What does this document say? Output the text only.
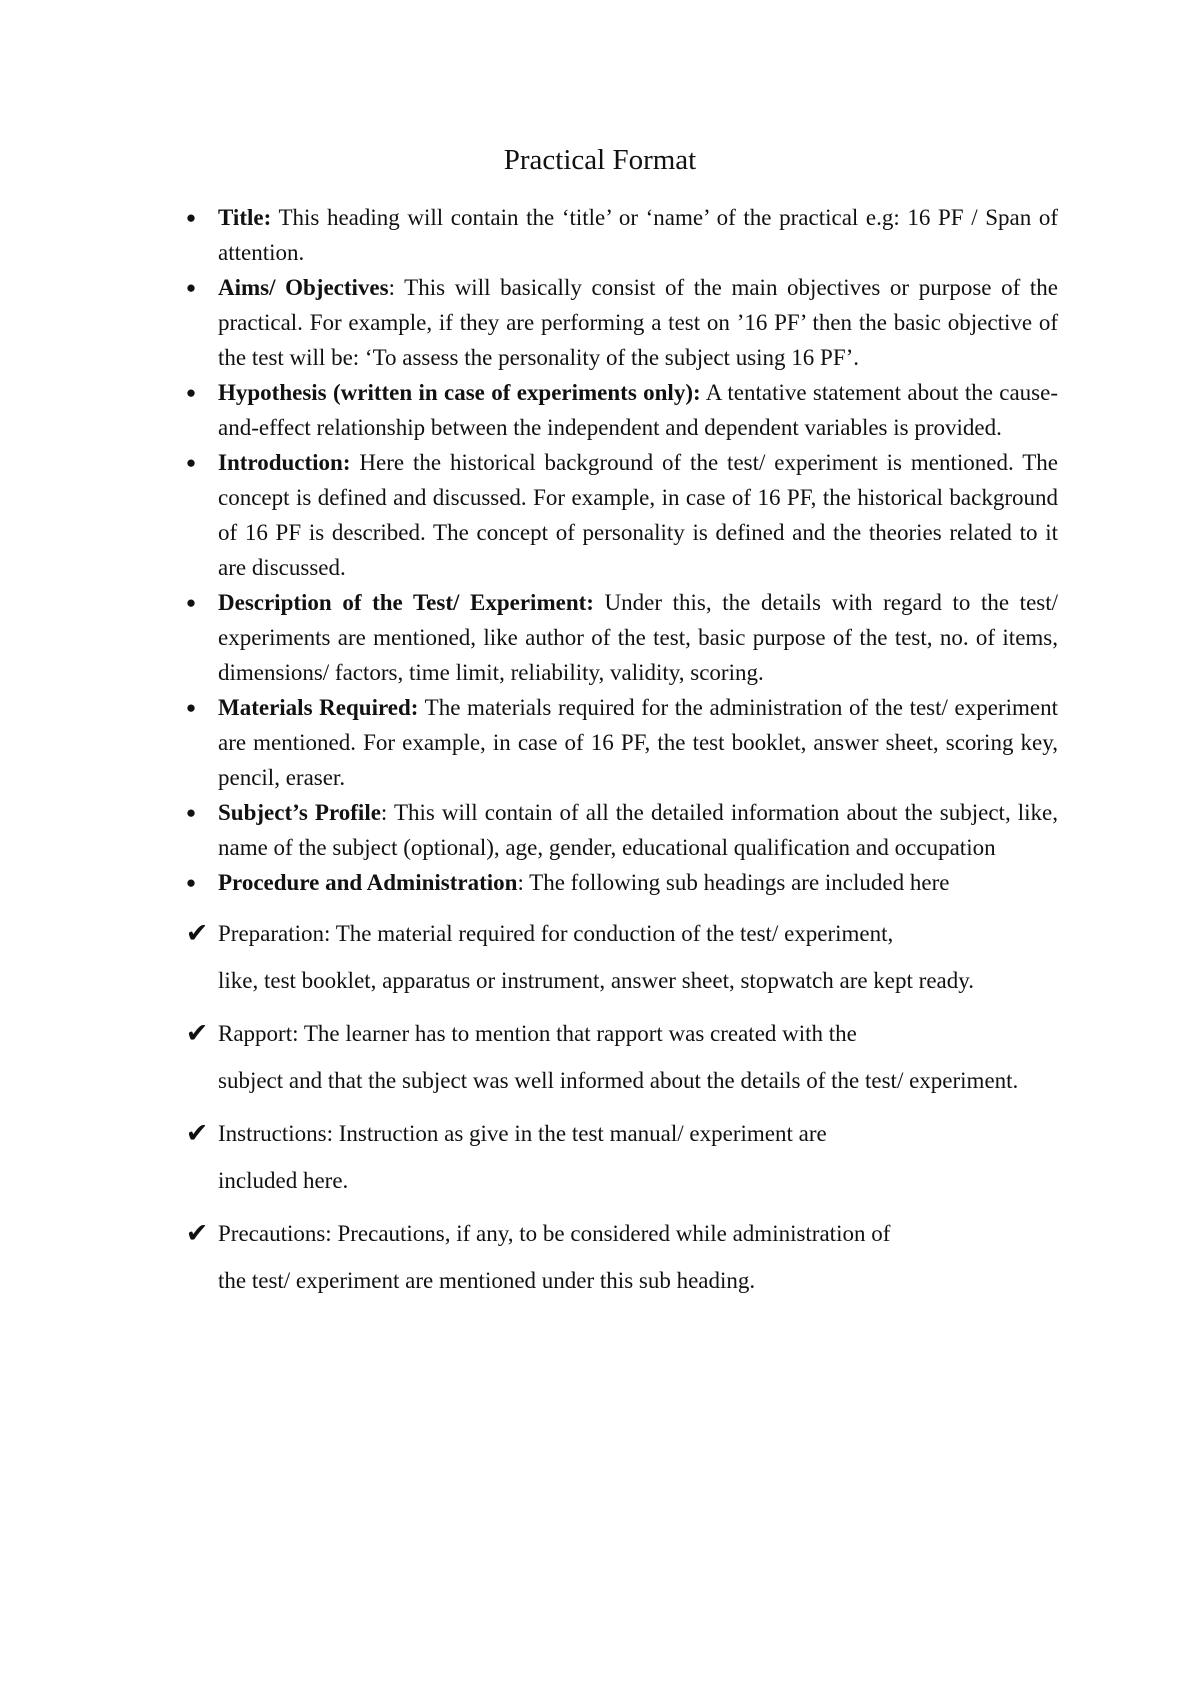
Practical Format
● Title: This heading will contain the ‘title’ or ‘name’ of the practical e.g: 16 PF / Span of attention.
● Aims/ Objectives: This will basically consist of the main objectives or purpose of the practical. For example, if they are performing a test on ’16 PF’ then the basic objective of the test will be: ‘To assess the personality of the subject using 16 PF’.
● Hypothesis (written in case of experiments only): A tentative statement about the cause-and-effect relationship between the independent and dependent variables is provided.
● Introduction: Here the historical background of the test/ experiment is mentioned. The concept is defined and discussed. For example, in case of 16 PF, the historical background of 16 PF is described. The concept of personality is defined and the theories related to it are discussed.
● Description of the Test/ Experiment: Under this, the details with regard to the test/ experiments are mentioned, like author of the test, basic purpose of the test, no. of items, dimensions/ factors, time limit, reliability, validity, scoring.
● Materials Required: The materials required for the administration of the test/ experiment are mentioned. For example, in case of 16 PF, the test booklet, answer sheet, scoring key, pencil, eraser.
● Subject’s Profile: This will contain of all the detailed information about the subject, like, name of the subject (optional), age, gender, educational qualification and occupation
● Procedure and Administration: The following sub headings are included here
✔ Preparation: The material required for conduction of the test/ experiment,
like, test booklet, apparatus or instrument, answer sheet, stopwatch are kept ready.
✔ Rapport: The learner has to mention that rapport was created with the
subject and that the subject was well informed about the details of the test/ experiment.
✔ Instructions: Instruction as give in the test manual/ experiment are
included here.
✔ Precautions: Precautions, if any, to be considered while administration of
the test/ experiment are mentioned under this sub heading.
